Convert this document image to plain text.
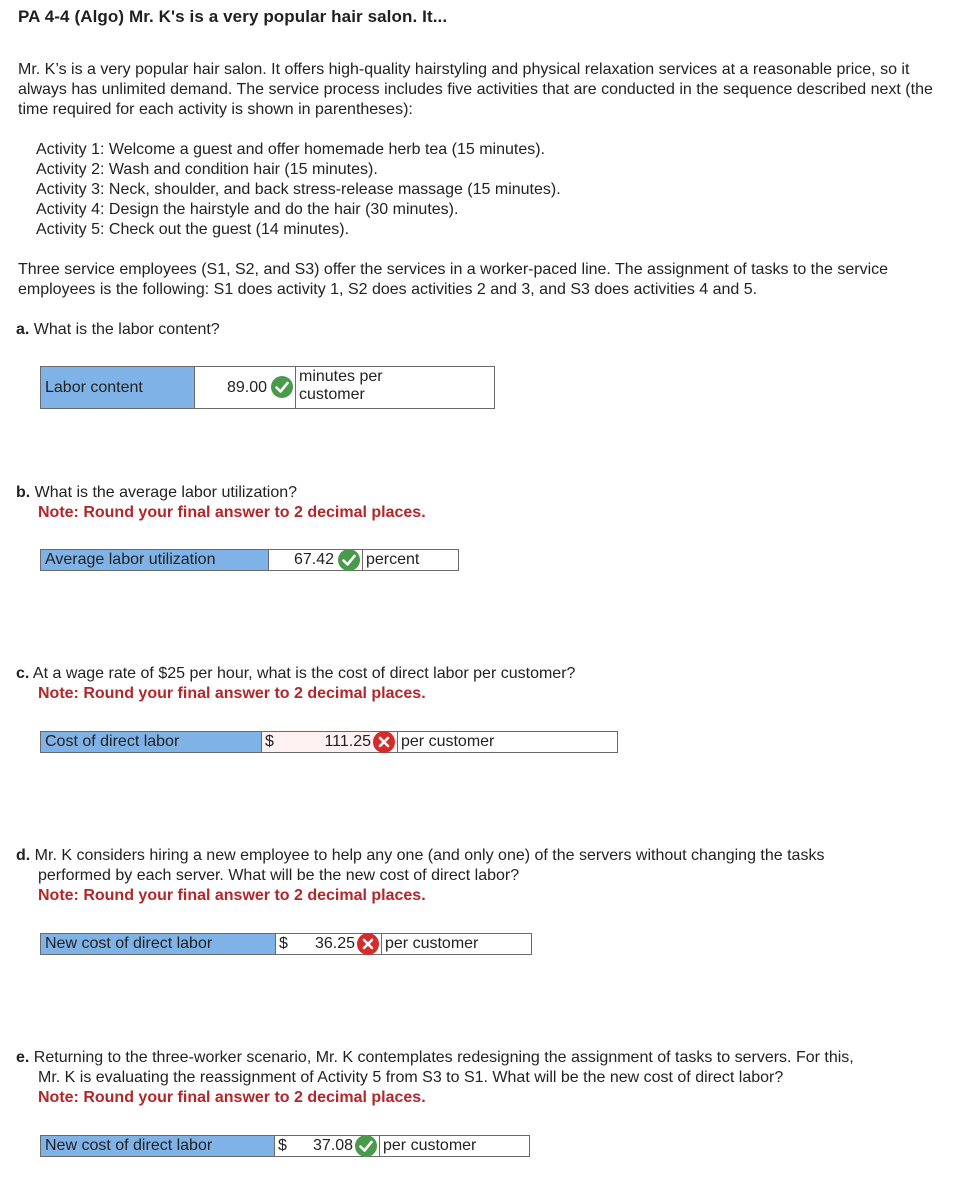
PA 4-4 (Algo) Mr. K's is a very popular hair salon. It...
Mr. K’s is a very popular hair salon. It offers high-quality hairstyling and physical relaxation services at a reasonable price, so it always has unlimited demand. The service process includes five activities that are conducted in the sequence described next (the time required for each activity is shown in parentheses):
Activity 1: Welcome a guest and offer homemade herb tea (15 minutes).
Activity 2: Wash and condition hair (15 minutes).
Activity 3: Neck, shoulder, and back stress-release massage (15 minutes).
Activity 4: Design the hairstyle and do the hair (30 minutes).
Activity 5: Check out the guest (14 minutes).
Three service employees (S1, S2, and S3) offer the services in a worker-paced line. The assignment of tasks to the service employees is the following: S1 does activity 1, S2 does activities 2 and 3, and S3 does activities 4 and 5.
a. What is the labor content?
Labor content	89.00
minutes per
customer
b. What is the average labor utilization?
Note: Round your final answer to 2 decimal places.
Average labor utilization	67.42	percent
c. At a wage rate of $25 per hour, what is the cost of direct labor per customer?
Note: Round your final answer to 2 decimal places.
Cost of direct labor	$	111.25 per customer
d. Mr. K considers hiring a new employee to help any one (and only one) of the servers without changing the tasks
performed by each server. What will be the new cost of direct labor?
Note: Round your final answer to 2 decimal places.
New cost of direct labor	$ 36.25 per customer
e. Returning to the three-worker scenario, Mr. K contemplates redesigning the assignment of tasks to servers. For this,
Mr. K is evaluating the reassignment of Activity 5 from S3 to S1. What will be the new cost of direct labor?
Note: Round your final answer to 2 decimal places.
New cost of direct labor	$ 37.08 per customer
